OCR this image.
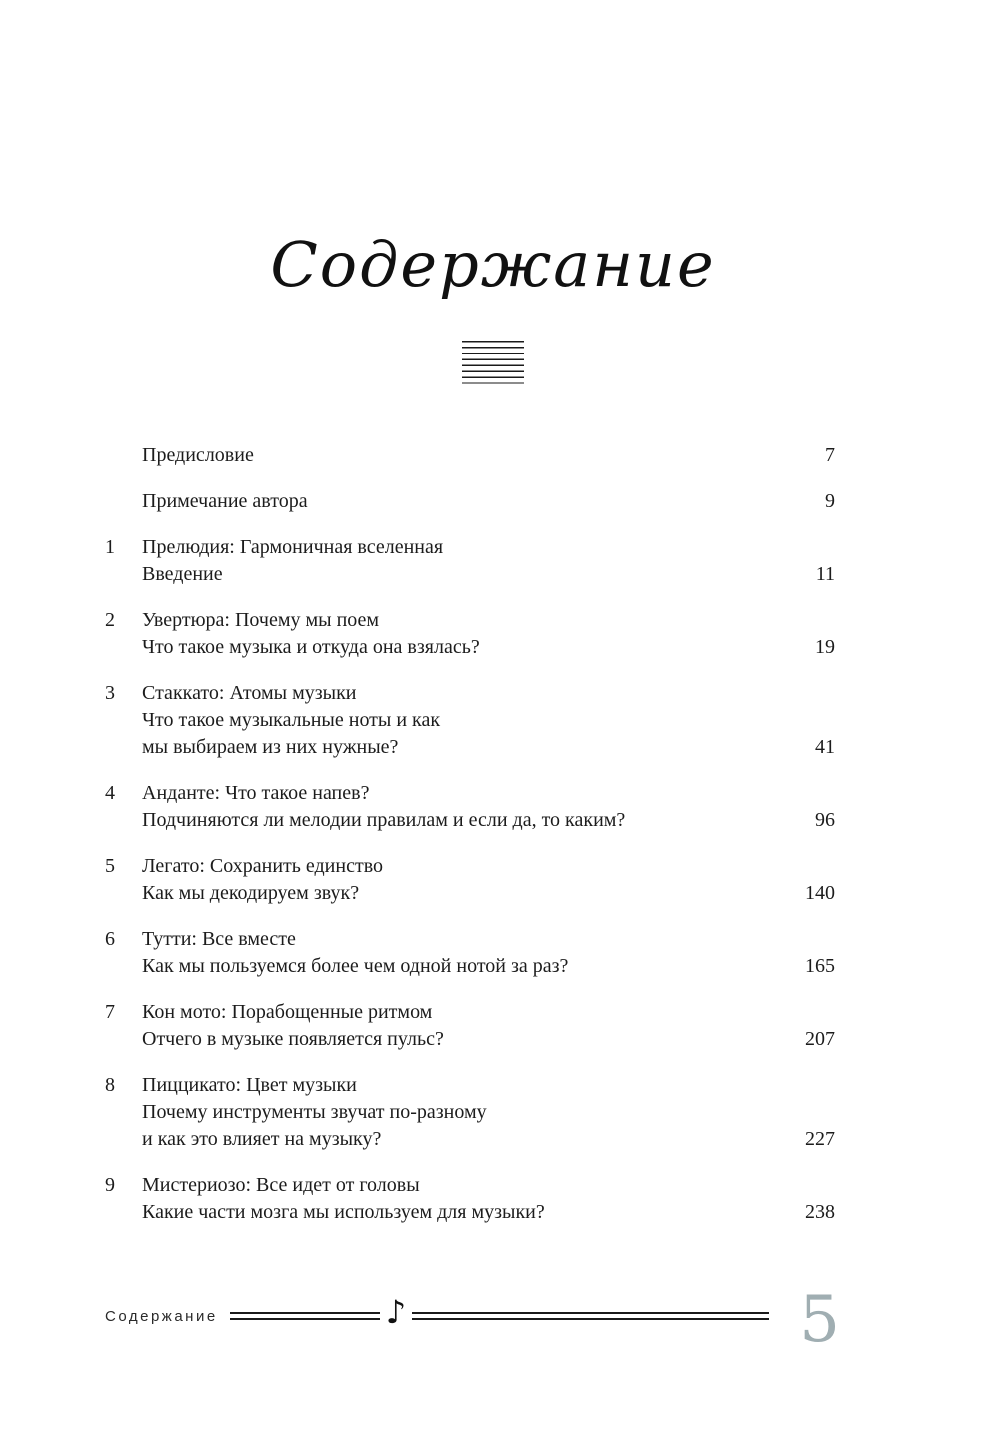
Содержание
Предисловие	7
Примечание автора	9
1	Прелюдия: Гармоничная вселенная
Введение	11
2	Увертюра: Почему мы поем
Что такое музыка и откуда она взялась?	19
3	Стаккато: Атомы музыки
Что такое музыкальные ноты и как
мы выбираем из них нужные?	41
4	Анданте: Что такое напев?
Подчиняются ли мелодии правилам и если да, то каким?	96
5	Легато: Сохранить единство
Как мы декодируем звук?	140
6	Тутти: Все вместе
Как мы пользуемся более чем одной нотой за раз?	165
7	Кон мото: Порабощенные ритмом
Отчего в музыке появляется пульс?	207
8	Пиццикато: Цвет музыки
Почему инструменты звучат по-разному
и как это влияет на музыку?	227
9	Мистериозо: Все идет от головы
Какие части мозга мы используем для музыки?	238
Содержание	♪	5
